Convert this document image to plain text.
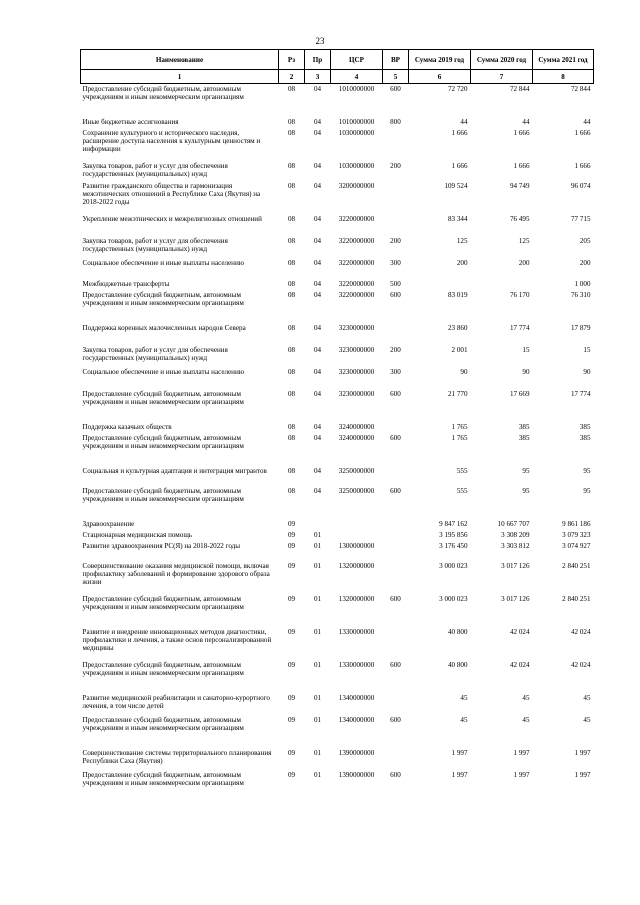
23
Наименование	Рз	Пр	ЦСР	ВР	Сумма 2019 год	Сумма 2020 год	Сумма 2021 год
1	2	3	4	5	6	7	8
Предоставление субсидий бюджетным, автономным учреждениям и иным некоммерческим организациям	08	04	1010000000	600	72 720	72 844	72 844
Иные бюджетные ассигнования	08	04	1010000000	800	44	44	44
Сохранение культурного и исторического наследия, расширение доступа населения к культурным ценностям и информации	08	04	1030000000		1 666	1 666	1 666
Закупка товаров, работ и услуг для обеспечения государственных (муниципальных) нужд	08	04	1030000000	200	1 666	1 666	1 666
Развитие гражданского общества и гармонизация межэтнических отношений в Республике Саха (Якутия) на 2018-2022 годы	08	04	3200000000		109 524	94 749	96 074
Укрепление межэтнических и межрелигиозных отношений	08	04	3220000000		83 344	76 495	77 715
Закупка товаров, работ и услуг для обеспечения государственных (муниципальных) нужд	08	04	3220000000	200	125	125	205
Социальное обеспечение и иные выплаты населению	08	04	3220000000	300	200	200	200
Межбюджетные трансферты	08	04	3220000000	500			1 000
Предоставление субсидий бюджетным, автономным учреждениям и иным некоммерческим организациям	08	04	3220000000	600	83 019	76 170	76 310
Поддержка коренных малочисленных народов Севера	08	04	3230000000		23 860	17 774	17 879
Закупка товаров, работ и услуг для обеспечения государственных (муниципальных) нужд	08	04	3230000000	200	2 001	15	15
Социальное обеспечение и иные выплаты населению	08	04	3230000000	300	90	90	90
Предоставление субсидий бюджетным, автономным учреждениям и иным некоммерческим организациям	08	04	3230000000	600	21 770	17 669	17 774
Поддержка казачьих обществ	08	04	3240000000		1 765	385	385
Предоставление субсидий бюджетным, автономным учреждениям и иным некоммерческим организациям	08	04	3240000000	600	1 765	385	385
Социальная и культурная адаптация и интеграция мигрантов	08	04	3250000000		555	95	95
Предоставление субсидий бюджетным, автономным учреждениям и иным некоммерческим организациям	08	04	3250000000	600	555	95	95
Здравоохранение	09				9 847 162	10 667 707	9 861 186
Стационарная медицинская помощь	09	01			3 195 856	3 308 209	3 079 323
Развитие здравоохранения РС(Я) на 2018-2022 годы	09	01	1300000000		3 176 450	3 303 812	3 074 927
Совершенствование оказания медицинской помощи, включая профилактику заболеваний и формирование здорового образа жизни	09	01	1320000000		3 000 023	3 017 126	2 840 251
Предоставление субсидий бюджетным, автономным учреждениям и иным некоммерческим организациям	09	01	1320000000	600	3 000 023	3 017 126	2 840 251
Развитие и внедрение инновационных методов диагностики, профилактики и лечения, а также основ персонализированной медицины	09	01	1330000000		40 800	42 024	42 024
Предоставление субсидий бюджетным, автономным учреждениям и иным некоммерческим организациям	09	01	1330000000	600	40 800	42 024	42 024
Развитие медицинской реабилитации и санаторно-курортного лечения, в том числе детей	09	01	1340000000		45	45	45
Предоставление субсидий бюджетным, автономным учреждениям и иным некоммерческим организациям	09	01	1340000000	600	45	45	45
Совершенствование системы территориального планирования Республики Саха (Якутия)	09	01	1390000000		1 997	1 997	1 997
Предоставление субсидий бюджетным, автономным учреждениям и иным некоммерческим организациям	09	01	1390000000	600	1 997	1 997	1 997
